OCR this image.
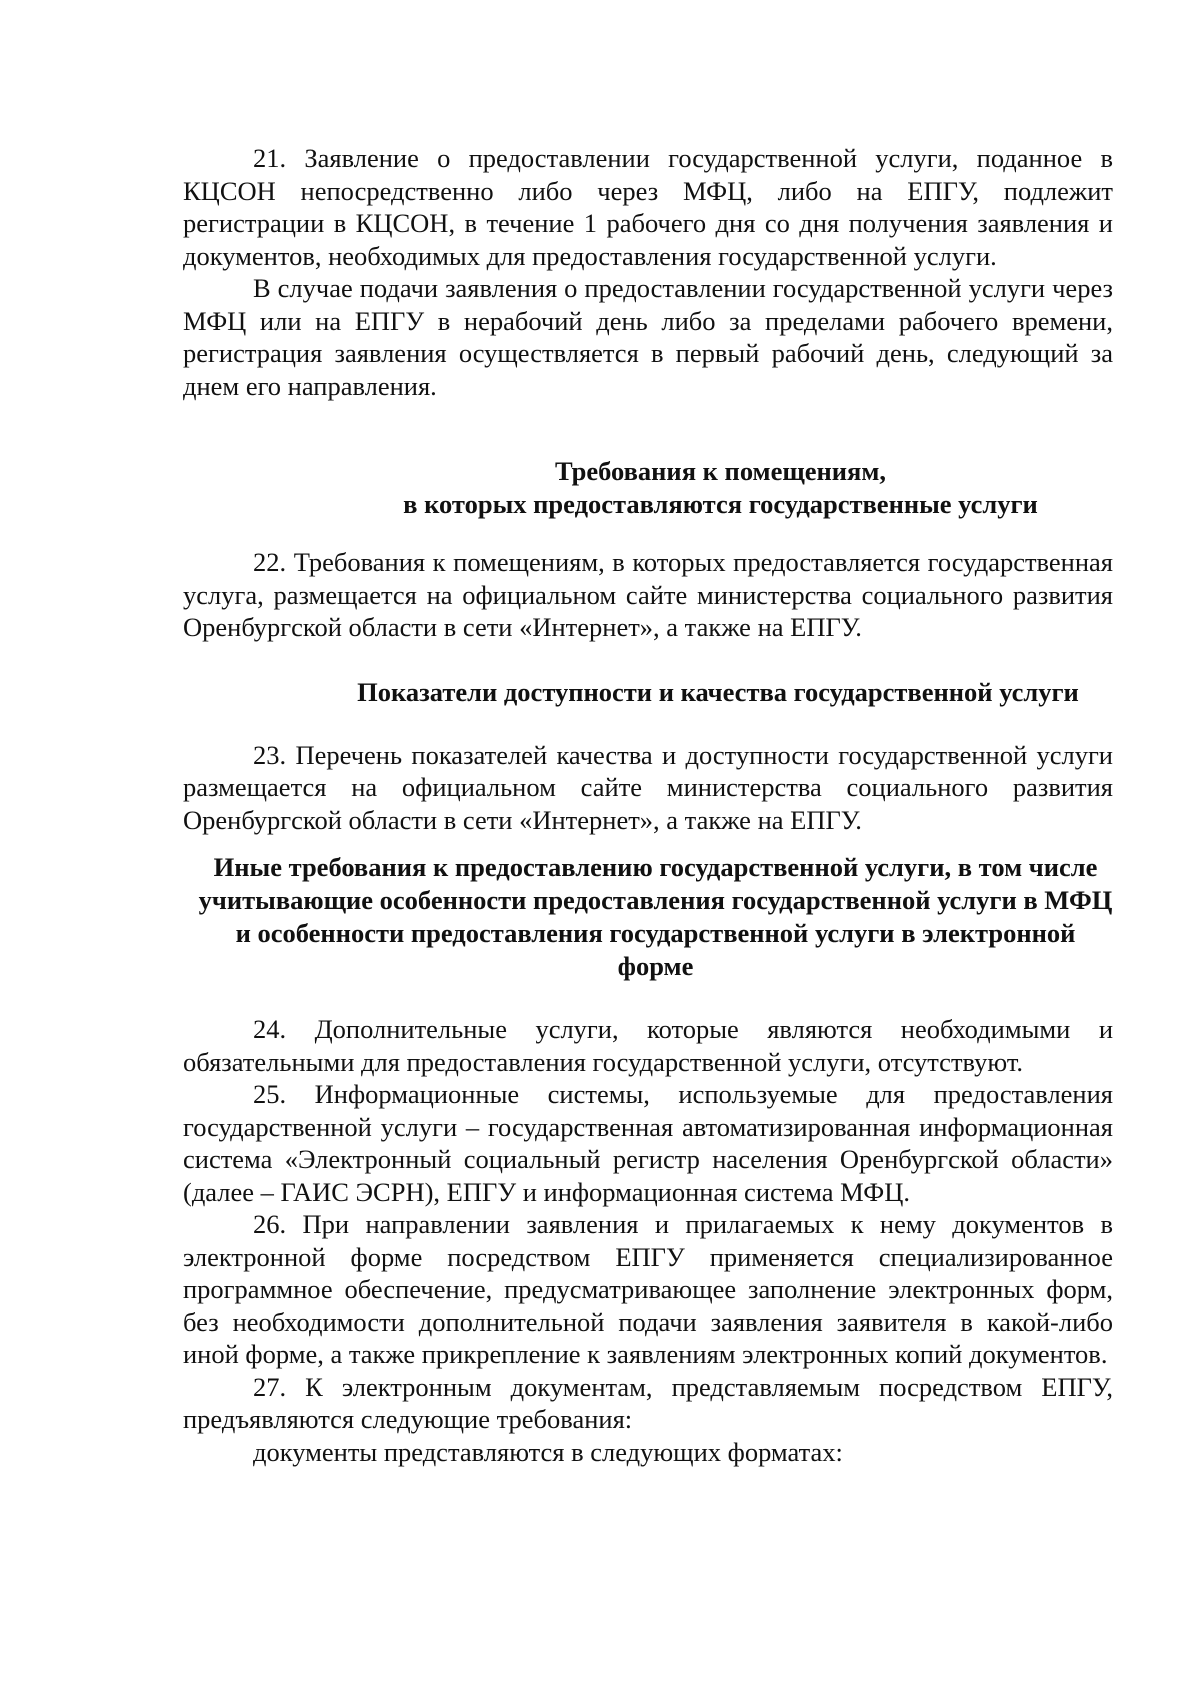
21. Заявление о предоставлении государственной услуги, поданное в КЦСОН непосредственно либо через МФЦ, либо на ЕПГУ, подлежит регистрации в КЦСОН, в течение 1 рабочего дня со дня получения заявления и документов, необходимых для предоставления государственной услуги.

В случае подачи заявления о предоставлении государственной услуги через МФЦ или на ЕПГУ в нерабочий день либо за пределами рабочего времени, регистрация заявления осуществляется в первый рабочий день, следующий за днем его направления.

Требования к помещениям,
в которых предоставляются государственные услуги

22. Требования к помещениям, в которых предоставляется государственная услуга, размещается на официальном сайте министерства социального развития Оренбургской области в сети «Интернет», а также на ЕПГУ.

Показатели доступности и качества государственной услуги

23. Перечень показателей качества и доступности государственной услуги размещается на официальном сайте министерства социального развития Оренбургской области в сети «Интернет», а также на ЕПГУ.

Иные требования к предоставлению государственной услуги, в том числе учитывающие особенности предоставления государственной услуги в МФЦ и особенности предоставления государственной услуги в электронной форме

24. Дополнительные услуги, которые являются необходимыми и обязательными для предоставления государственной услуги, отсутствуют.

25. Информационные системы, используемые для предоставления государственной услуги – государственная автоматизированная информационная система «Электронный социальный регистр населения Оренбургской области» (далее – ГАИС ЭСРН), ЕПГУ и информационная система МФЦ.

26. При направлении заявления и прилагаемых к нему документов в электронной форме посредством ЕПГУ применяется специализированное программное обеспечение, предусматривающее заполнение электронных форм, без необходимости дополнительной подачи заявления заявителя в какой-либо иной форме, а также прикрепление к заявлениям электронных копий документов.

27. К электронным документам, представляемым посредством ЕПГУ, предъявляются следующие требования:

документы представляются в следующих форматах:
